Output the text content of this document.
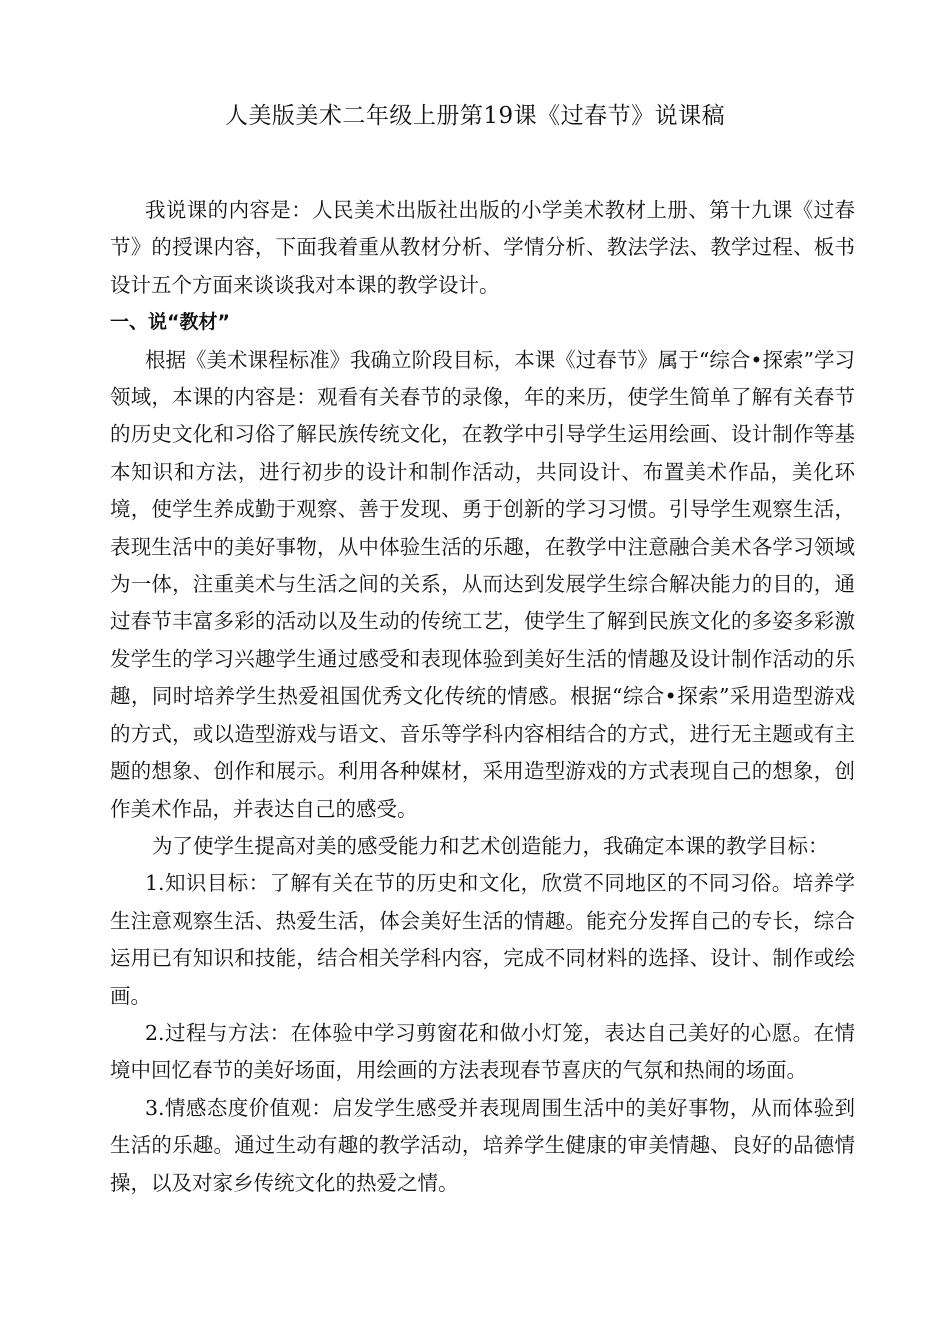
人美版美术二年级上册第19课《过春节》说课稿

我说课的内容是：人民美术出版社出版的小学美术教材上册、第十九课《过春节》的授课内容，下面我着重从教材分析、学情分析、教法学法、教学过程、板书设计五个方面来谈谈我对本课的教学设计。

一、说“教材”

根据《美术课程标准》我确立阶段目标，本课《过春节》属于“综合•探索”学习领域，本课的内容是：观看有关春节的录像，年的来历，使学生简单了解有关春节的历史文化和习俗了解民族传统文化，在教学中引导学生运用绘画、设计制作等基本知识和方法，进行初步的设计和制作活动，共同设计、布置美术作品，美化环境，使学生养成勤于观察、善于发现、勇于创新的学习习惯。引导学生观察生活，表现生活中的美好事物，从中体验生活的乐趣，在教学中注意融合美术各学习领域为一体，注重美术与生活之间的关系，从而达到发展学生综合解决能力的目的，通过春节丰富多彩的活动以及生动的传统工艺，使学生了解到民族文化的多姿多彩激发学生的学习兴趣学生通过感受和表现体验到美好生活的情趣及设计制作活动的乐趣，同时培养学生热爱祖国优秀文化传统的情感。根据“综合•探索”采用造型游戏的方式，或以造型游戏与语文、音乐等学科内容相结合的方式，进行无主题或有主题的想象、创作和展示。利用各种媒材，采用造型游戏的方式表现自己的想象，创作美术作品，并表达自己的感受。

为了使学生提高对美的感受能力和艺术创造能力，我确定本课的教学目标：

1.知识目标：了解有关在节的历史和文化，欣赏不同地区的不同习俗。培养学生注意观察生活、热爱生活，体会美好生活的情趣。能充分发挥自己的专长，综合运用已有知识和技能，结合相关学科内容，完成不同材料的选择、设计、制作或绘画。

2.过程与方法：在体验中学习剪窗花和做小灯笼，表达自己美好的心愿。在情境中回忆春节的美好场面，用绘画的方法表现春节喜庆的气氛和热闹的场面。

3.情感态度价值观：启发学生感受并表现周围生活中的美好事物，从而体验到生活的乐趣。通过生动有趣的教学活动，培养学生健康的审美情趣、良好的品德情操，以及对家乡传统文化的热爱之情。
